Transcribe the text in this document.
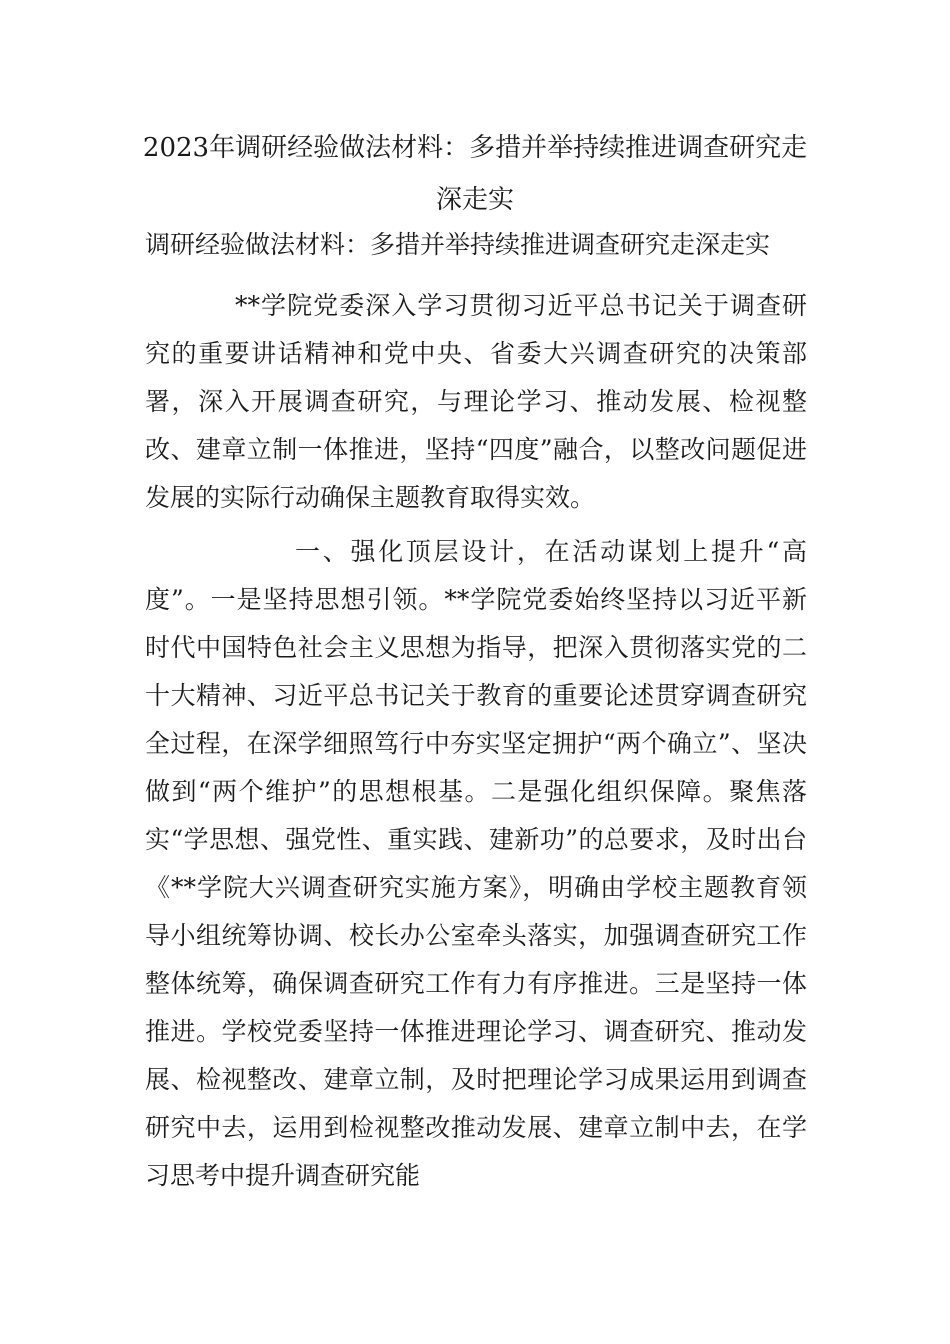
2023年调研经验做法材料：多措并举持续推进调查研究走
深走实

调研经验做法材料：多措并举持续推进调查研究走深走实

**学院党委深入学习贯彻习近平总书记关于调查研究的重要讲话精神和党中央、省委大兴调查研究的决策部署，深入开展调查研究，与理论学习、推动发展、检视整改、建章立制一体推进，坚持“四度”融合，以整改问题促进发展的实际行动确保主题教育取得实效。

一、强化顶层设计，在活动谋划上提升“高度”。一是坚持思想引领。**学院党委始终坚持以习近平新时代中国特色社会主义思想为指导，把深入贯彻落实党的二十大精神、习近平总书记关于教育的重要论述贯穿调查研究全过程，在深学细照笃行中夯实坚定拥护“两个确立”、坚决做到“两个维护”的思想根基。二是强化组织保障。聚焦落实“学思想、强党性、重实践、建新功”的总要求，及时出台《**学院大兴调查研究实施方案》，明确由学校主题教育领导小组统筹协调、校长办公室牵头落实，加强调查研究工作整体统筹，确保调查研究工作有力有序推进。三是坚持一体推进。学校党委坚持一体推进理论学习、调查研究、推动发展、检视整改、建章立制，及时把理论学习成果运用到调查研究中去，运用到检视整改推动发展、建章立制中去，在学习思考中提升调查研究能
